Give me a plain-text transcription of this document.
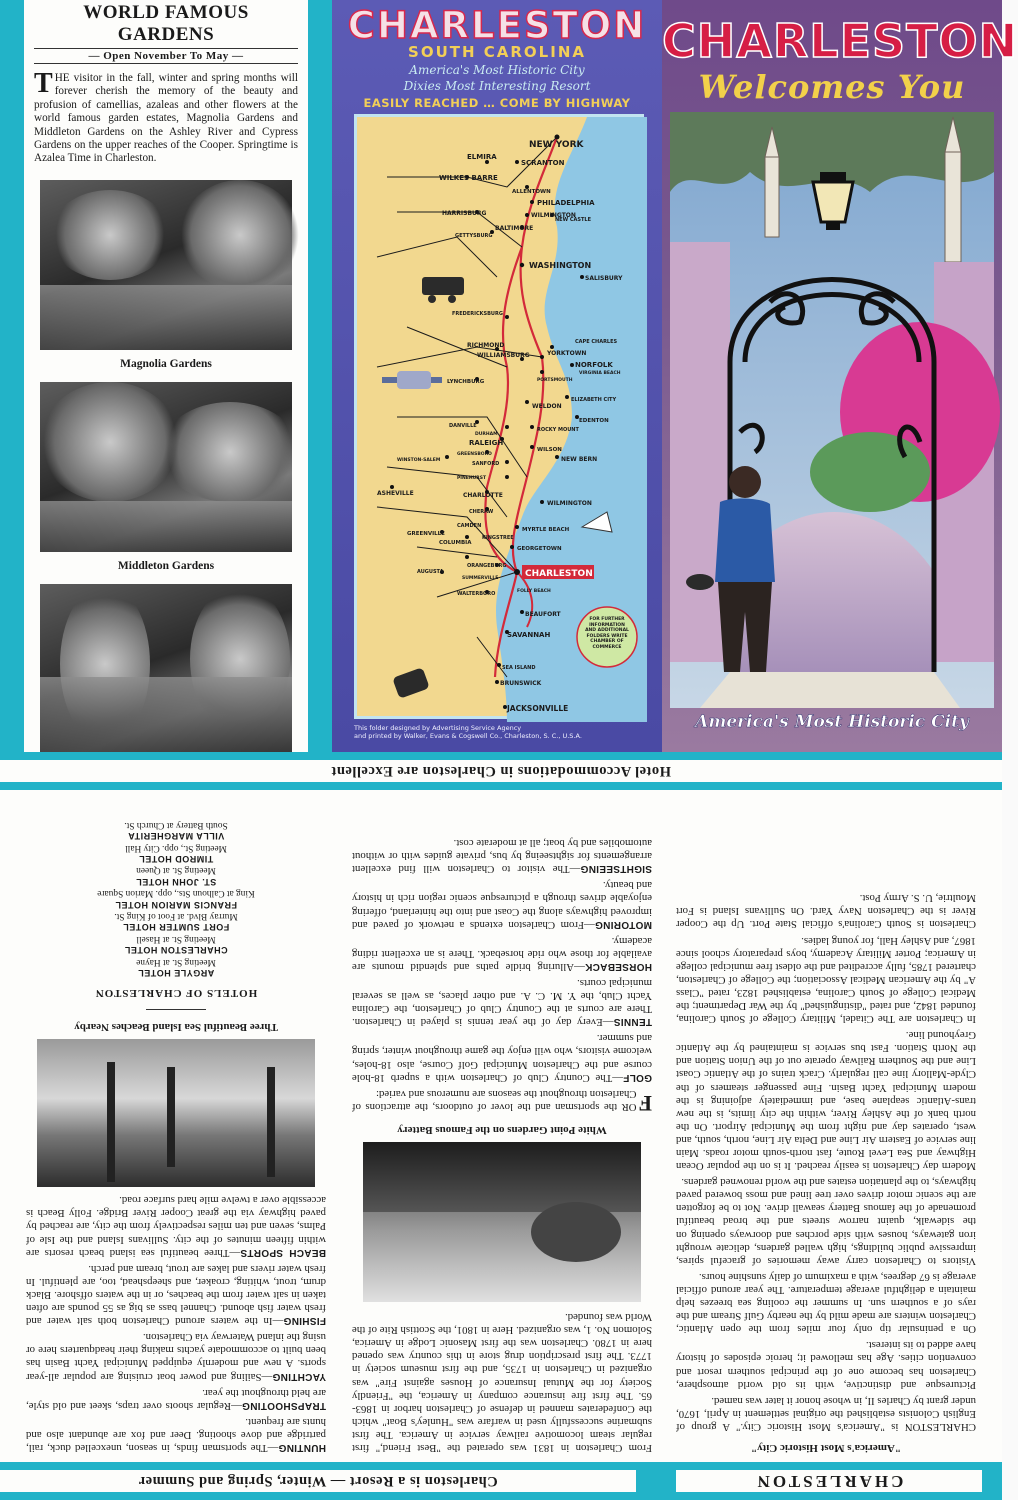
WORLD FAMOUS GARDENS
— Open November To May —
THE visitor in the fall, winter and spring months will forever cherish the memory of the beauty and profusion of camellias, azaleas and other flowers at the world famous garden estates, Magnolia Gardens and Middleton Gardens on the Ashley River and Cypress Gardens on the upper reaches of the Cooper. Springtime is Azalea Time in Charleston.
Magnolia Gardens
Middleton Gardens
CHARLESTON
SOUTH CAROLINA
America's Most Historic City
Dixies Most Interesting Resort
EASILY REACHED … COME BY HIGHWAY
NEW YORK
ELMIRA
SCRANTON
WILKES BARRE
ALLENTOWN
PHILADELPHIA
WILMINGTON
NEW CASTLE
HARRISBURG
BALTIMORE
GETTYSBURG
WASHINGTON
SALISBURY
FREDERICKSBURG
CAPE CHARLES
RICHMOND
WILLIAMSBURG	YORKTOWN
NORFOLK
VIRGINIA BEACH
PORTSMOUTH
LYNCHBURG
ELIZABETH CITY
WELDON
EDENTON
DANVILLE
DURHAM
RALEIGH
ROCKY MOUNT
WILSON
GREENSBORO
NEW BERN
WINSTON-SALEM
SANFORD
PINEHURST
ASHEVILLE	CHARLOTTE
WILMINGTON
GREENVILLE
CAMDEN
CHERAW
MYRTLE BEACH
COLUMBIA
KINGSTREE
GEORGETOWN
AUGUSTA
ORANGEBURG
SUMMERVILLE
WALTERBORO
CHARLESTON
FOLLY BEACH
BEAUFORT
SAVANNAH
SEA ISLAND
BRUNSWICK
JACKSONVILLE
FOR FURTHER INFORMATION AND ADDITIONAL FOLDERS WRITE CHAMBER OF COMMERCE
This folder designed by Advertising Service Agency
and printed by Walker, Evans & Cogswell Co., Charleston, S. C., U.S.A.
CHARLESTON
Welcomes You
America's Most Historic City
CHARLESTON
Charleston is a Resort — Winter, Spring and Summer
"America's Most Historic City"

CHARLESTON is "America's Most Historic City." A group of English Colonists established the original settlement in April, 1670, under grant by Charles II, in whose honor it later was named.

Picturesque and distinctive, with its old world atmosphere, Charleston has become one of the principal southern resort and convention cities. Age has mellowed it; heroic episodes of history have added to its interest.

On a peninsular tip only four miles from the open Atlantic, Charleston winters are made mild by the nearby Gulf Stream and the rays of a southern sun. In summer the cooling sea breezes help maintain a delightful average temperature. The year around official average is 67 degrees, with a maximum of daily sunshine hours.

Visitors to Charleston carry away memories of graceful spires, impressive public buildings, high walled gardens, delicate wrought iron gateways, houses with side porches and doorways opening on the sidewalk, quaint narrow streets and the broad beautiful promenade of the famous Battery seawall drive. Not to be forgotten are the scenic motor drives over tree lined and moss bowered paved highways, to the plantation estates and the world renowned gardens.

Modern day Charleston is easily reached. It is on the popular Ocean Highway and Sea Level Route, fast north-south motor roads. Main line service of Eastern Air Line and Delta Air Line, north, south, and west, operates day and night from the Municipal Airport. On the north bank of the Ashley River, within the city limits, is the new trans-Atlantic seaplane base, and immediately adjoining is the modern Municipal Yacht Basin. Fine passenger steamers of the Clyde-Mallory line call regularly. Crack trains of the Atlantic Coast Line and the Southern Railway operate out of the Union Station and the North Station. Fast bus service is maintained by the Atlantic Greyhound line.

In Charleston are The Citadel, Military College of South Carolina, founded 1842, and rated "distinguished" by the War Department; the Medical College of South Carolina, established 1823, rated "Class A" by the American Medical Association; the College of Charleston, chartered 1785, fully accredited and the oldest free municipal college in America; Porter Military Academy, boys preparatory school since 1867, and Ashley Hall, for young ladies.

Charleston is South Carolina's official State Port. Up the Cooper River is the Charleston Navy Yard. On Sullivans Island is Fort Moultrie, U. S. Army Post.

From Charleston in 1831 was operated the "Best Friend," first regular steam locomotive railway service in America. The first submarine successfully used in warfare was "Hunley's Boat" which the Confederates manned in defense of Charleston harbor in 1863-65. The first fire insurance company in America, the "Friendly Society for the Mutual Insurance of Houses against Fire" was organized in Charleston in 1735, and the first museum society in 1773. The first prescription drug store in this country was opened here in 1780. Charleston was the first Masonic Lodge in America, Solomon No. 1, was organized. Here in 1801, the Scottish Rite of the World was founded.

White Point Gardens on the Famous Battery

F
OR the sportsman and the lover of outdoors, the attractions of Charleston throughout the seasons are numerous and varied:

GOLF—The Country Club of Charleston with a superb 18-hole course and the Charleston Municipal Golf Course, also 18-holes, welcome visitors, who will enjoy the game throughout winter, spring and summer.

TENNIS—Every day of the year tennis is played in Charleston. There are courts at the Country Club of Charleston, the Carolina Yacht Club, the Y. M. C. A. and other places, as well as several municipal courts.

HORSEBACK—Alluring bridle paths and splendid mounts are available for those who ride horseback. There is an excellent riding academy.

MOTORING—From Charleston extends a network of paved and improved highways along the Coast and into the hinterland, offering enjoyable drives through a picturesque scenic region rich in history and beauty.

SIGHTSEEING—The visitor to Charleston will find excellent arrangements for sightseeing by bus, private guides with or without automobiles and by boat; all at moderate cost.

HUNTING—The sportsman finds, in season, unexcelled duck, rail, partridge and dove shooting. Deer and fox are abundant also and hunts are frequent.

TRAPSHOOTING—Regular shoots over traps, skeet and old style, are held throughout the year.

YACHTING—Sailing and power boat cruising are popular all-year sports. A new and modernly equipped Municipal Yacht Basin has been built to accommodate yachts making their headquarters here or using the inland Waterway via Charleston.

FISHING—In the waters around Charleston both salt water and fresh water fish abound. Channel bass as big as 55 pounds are often taken in salt water from the beaches, or in the waters offshore. Black drum, trout, whiting, croaker, and sheepshead, too, are plentiful. In fresh water rivers and lakes are trout, bream and perch.

BEACH SPORTS—Three beautiful sea island beach resorts are within fifteen minutes of the city. Sullivans Island and the Isle of Palms, seven and ten miles respectively from the city, are reached by paved highway via the great Cooper River Bridge. Folly Beach is accessible over a twelve mile hard surface road.

Three Beautiful Sea Island Beaches Nearby
HOTELS OF CHARLESTON
ARGYLE HOTEL
Meeting St. at Hayne
CHARLESTON HOTEL
Meeting St. at Hasell
FORT SUMTER HOTEL
Murray Blvd. at Foot of King St.
FRANCIS MARION HOTEL
King at Calhoun Sts., opp. Marion Square
ST. JOHN HOTEL
Meeting St. at Queen
TIMROD HOTEL
Meeting St., opp. City Hall
VILLA MARGHERITA
South Battery at Church St.
Hotel Accommodations in Charleston are Excellent
